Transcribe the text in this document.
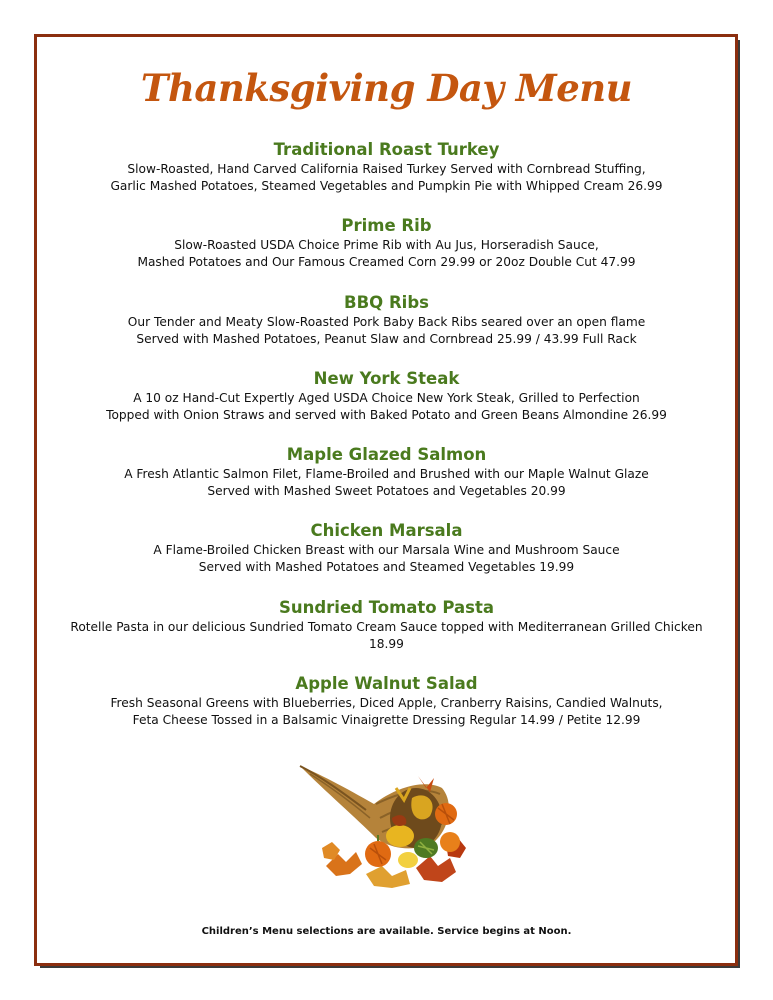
Thanksgiving Day Menu

Traditional Roast Turkey

Slow-Roasted, Hand Carved California Raised Turkey Served with Cornbread Stuffing,

Garlic Mashed Potatoes, Steamed Vegetables and Pumpkin Pie with Whipped Cream 26.99

Prime Rib

Slow-Roasted USDA Choice Prime Rib with Au Jus, Horseradish Sauce,

Mashed Potatoes and Our Famous Creamed Corn 29.99 or 20oz Double Cut 47.99

BBQ Ribs

Our Tender and Meaty Slow-Roasted Pork Baby Back Ribs seared over an open flame

Served with Mashed Potatoes, Peanut Slaw and Cornbread 25.99 / 43.99 Full Rack

New York Steak

A 10 oz Hand-Cut Expertly Aged USDA Choice New York Steak, Grilled to Perfection

Topped with Onion Straws and served with Baked Potato and Green Beans Almondine 26.99

Maple Glazed Salmon

A Fresh Atlantic Salmon Filet, Flame-Broiled and Brushed with our Maple Walnut Glaze

Served with Mashed Sweet Potatoes and Vegetables 20.99

Chicken Marsala

A Flame-Broiled Chicken Breast with our Marsala Wine and Mushroom Sauce

Served with Mashed Potatoes and Steamed Vegetables 19.99

Sundried Tomato Pasta

Rotelle Pasta in our delicious Sundried Tomato Cream Sauce topped with Mediterranean Grilled Chicken

18.99

Apple Walnut Salad

Fresh Seasonal Greens with Blueberries, Diced Apple, Cranberry Raisins, Candied Walnuts,

Feta Cheese Tossed in a Balsamic Vinaigrette Dressing Regular 14.99 / Petite 12.99

Children’s Menu selections are available. Service begins at Noon.
